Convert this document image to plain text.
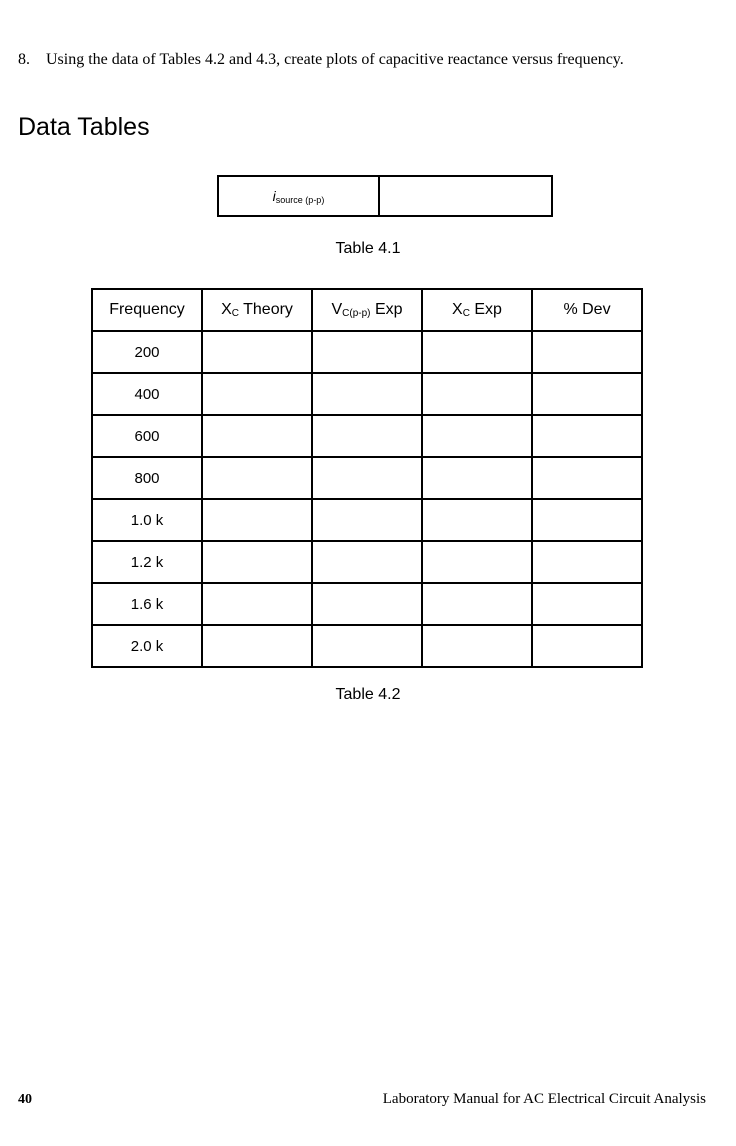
8. Using the data of Tables 4.2 and 4.3, create plots of capacitive reactance versus frequency.
Data Tables
isource (p-p)	
Table 4.1
Frequency	XC Theory	VC(p-p) Exp	XC Exp	% Dev
200				
400				
600				
800				
1.0 k				
1.2 k				
1.6 k				
2.0 k				
Table 4.2
40	Laboratory Manual for AC Electrical Circuit Analysis
